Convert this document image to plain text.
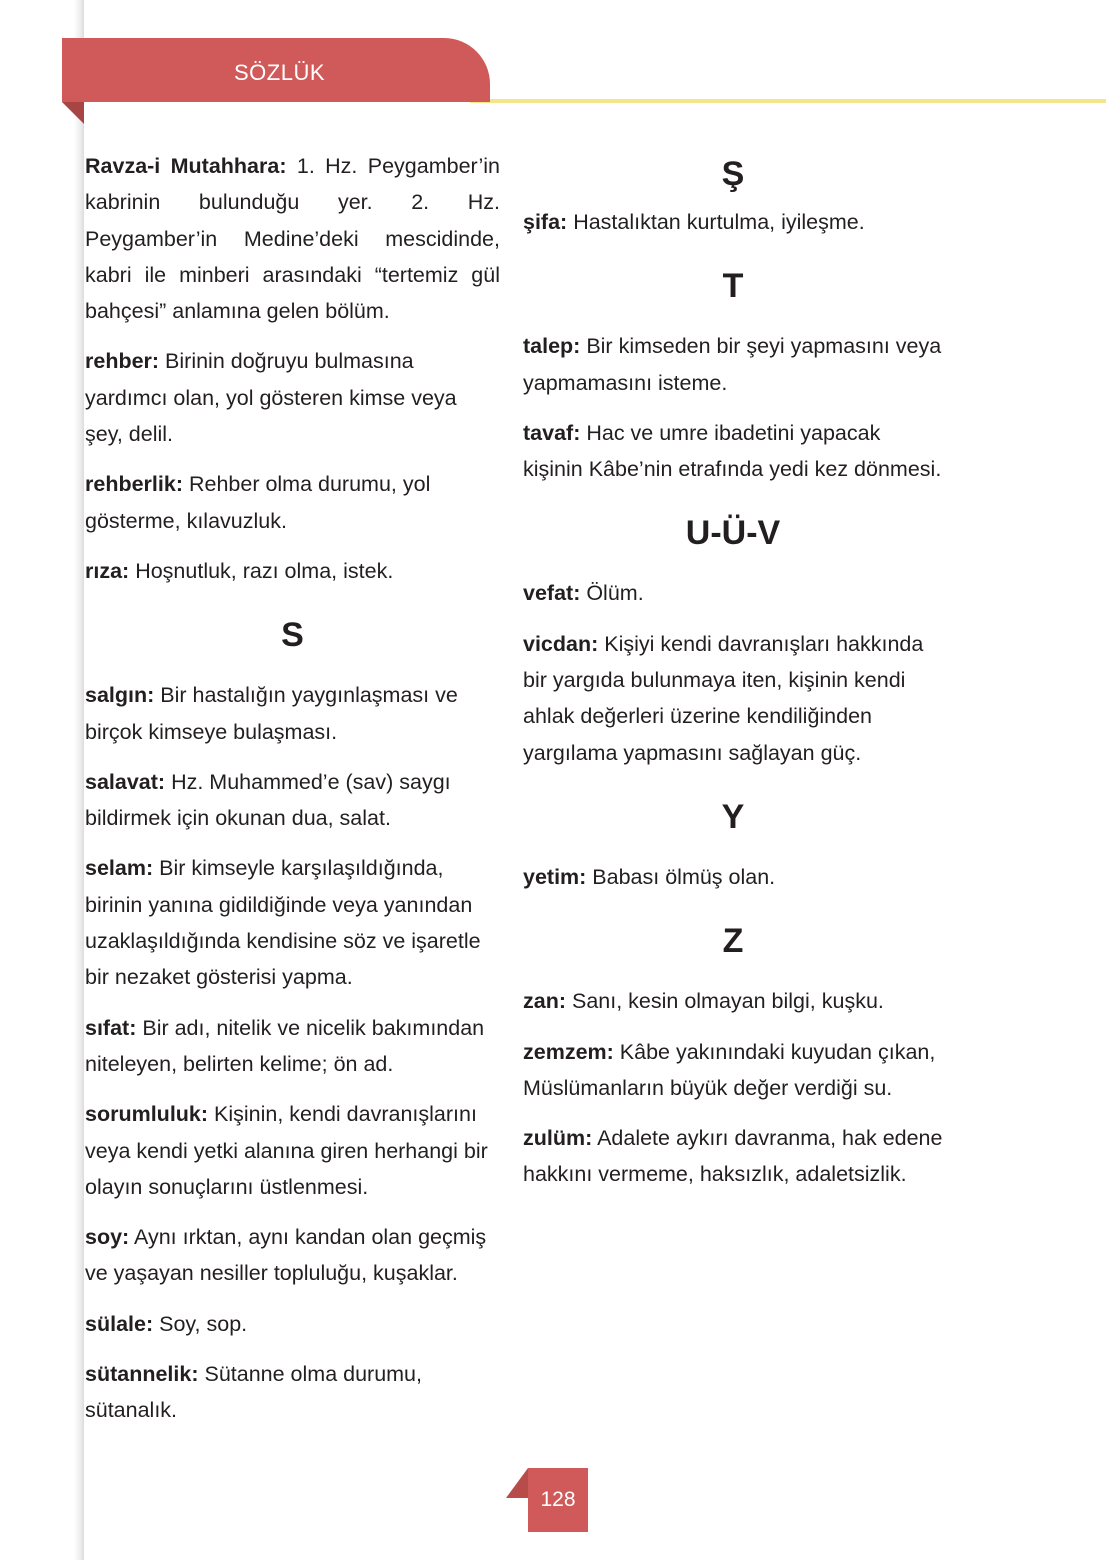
SÖZLÜK

Ravza-i Mutahhara: 1. Hz. Peygamber’in kabrinin bulunduğu yer. 2. Hz. Peygamber’in Medine’deki mescidinde, kabri ile minberi arasındaki “tertemiz gül bahçesi” anlamına gelen bölüm.

rehber: Birinin doğruyu bulmasına yardımcı olan, yol gösteren kimse veya şey, delil.

rehberlik: Rehber olma durumu, yol gösterme, kılavuzluk.

rıza: Hoşnutluk, razı olma, istek.

S

salgın: Bir hastalığın yaygınlaşması ve birçok kimseye bulaşması.

salavat: Hz. Muhammed’e (sav) saygı bildirmek için okunan dua, salat.

selam: Bir kimseyle karşılaşıldığında, birinin yanına gidildiğinde veya yanından uzaklaşıldığında kendisine söz ve işaretle bir nezaket gösterisi yapma.

sıfat: Bir adı, nitelik ve nicelik bakımından niteleyen, belirten kelime; ön ad.

sorumluluk: Kişinin, kendi davranışlarını veya kendi yetki alanına giren herhangi bir olayın sonuçlarını üstlenmesi.

soy: Aynı ırktan, aynı kandan olan geçmiş ve yaşayan nesiller topluluğu, kuşaklar.

sülale: Soy, sop.

sütannelik: Sütanne olma durumu, sütanalık.

Ş

şifa: Hastalıktan kurtulma, iyileşme.

T

talep: Bir kimseden bir şeyi yapmasını veya yapmamasını isteme.

tavaf: Hac ve umre ibadetini yapacak kişinin Kâbe’nin etrafında yedi kez dönmesi.

U-Ü-V

vefat: Ölüm.

vicdan: Kişiyi kendi davranışları hakkında bir yargıda bulunmaya iten, kişinin kendi ahlak değerleri üzerine kendiliğinden yargılama yapmasını sağlayan güç.

Y

yetim: Babası ölmüş olan.

Z

zan: Sanı, kesin olmayan bilgi, kuşku.

zemzem: Kâbe yakınındaki kuyudan çıkan, Müslümanların büyük değer verdiği su.

zulüm: Adalete aykırı davranma, hak edene hakkını vermeme, haksızlık, adaletsizlik.

128
